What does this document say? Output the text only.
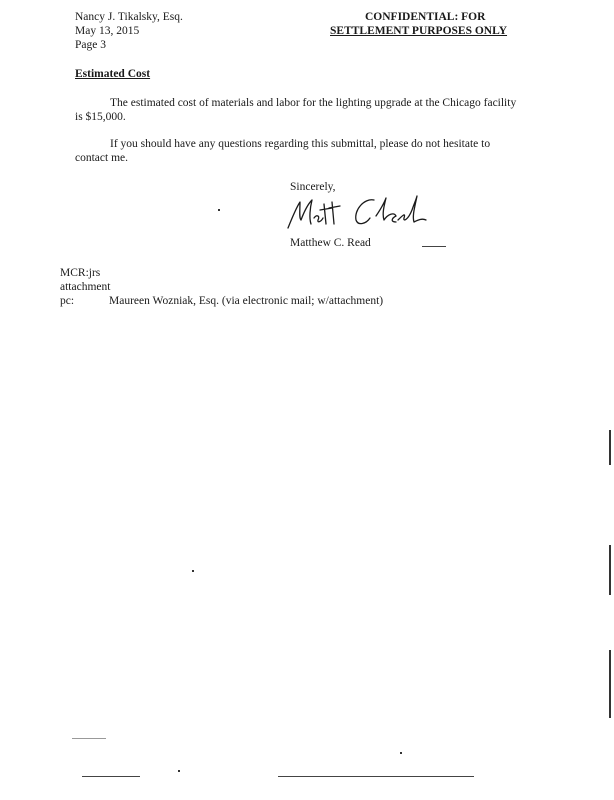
Nancy J. Tikalsky, Esq.
May 13, 2015
Page 3
CONFIDENTIAL: FOR
SETTLEMENT PURPOSES ONLY
Estimated Cost
The estimated cost of materials and labor for the lighting upgrade at the Chicago facility is $15,000.
If you should have any questions regarding this submittal, please do not hesitate to contact me.
Sincerely,
Matthew C. Read
MCR:jrs
attachment
pc:	Maureen Wozniak, Esq. (via electronic mail; w/attachment)
